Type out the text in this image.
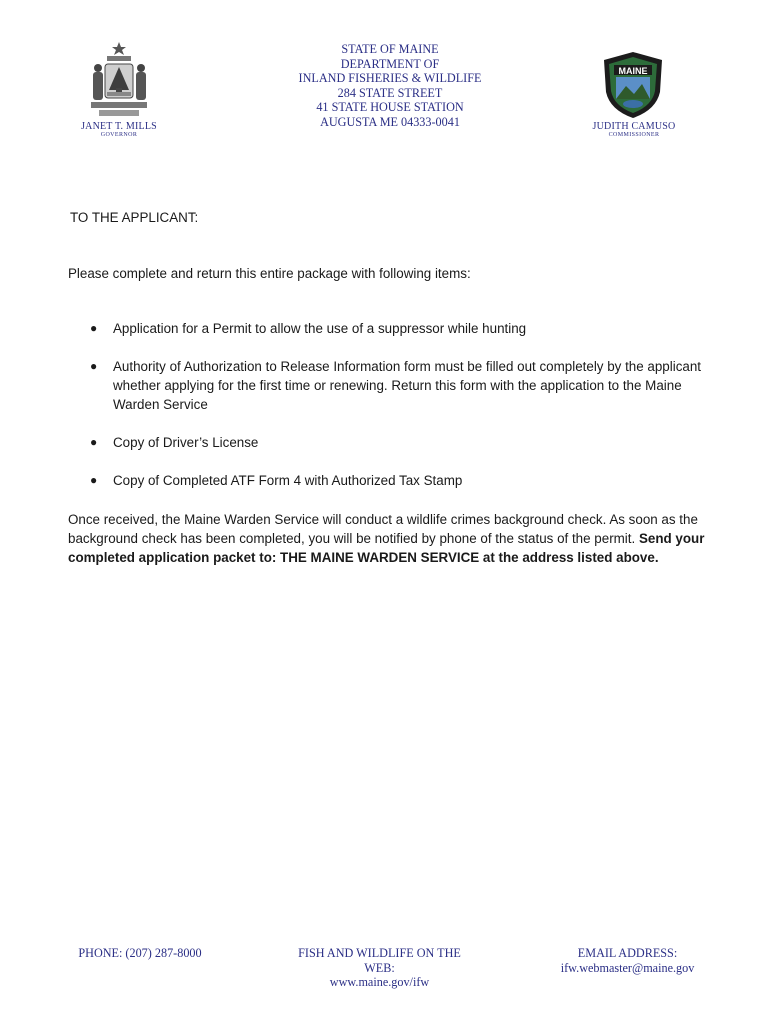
JANET T. MILLS
GOVERNOR
STATE OF MAINE
DEPARTMENT OF
INLAND FISHERIES & WILDLIFE
284 STATE STREET
41 STATE HOUSE STATION
AUGUSTA ME 04333-0041
MAINE
JUDITH CAMUSO
COMMISSIONER
TO THE APPLICANT:
Please complete and return this entire package with following items:
● Application for a Permit to allow the use of a suppressor while hunting
● Authority of Authorization to Release Information form must be filled out completely by the applicant whether applying for the first time or renewing. Return this form with the application to the Maine Warden Service
● Copy of Driver’s License
● Copy of Completed ATF Form 4 with Authorized Tax Stamp
Once received, the Maine Warden Service will conduct a wildlife crimes background check. As soon as the background check has been completed, you will be notified by phone of the status of the permit. Send your completed application packet to: THE MAINE WARDEN SERVICE at the address listed above.
PHONE: (207) 287-8000	FISH AND WILDLIFE ON THE
WEB:
www.maine.gov/ifw
EMAIL ADDRESS:
ifw.webmaster@maine.gov
